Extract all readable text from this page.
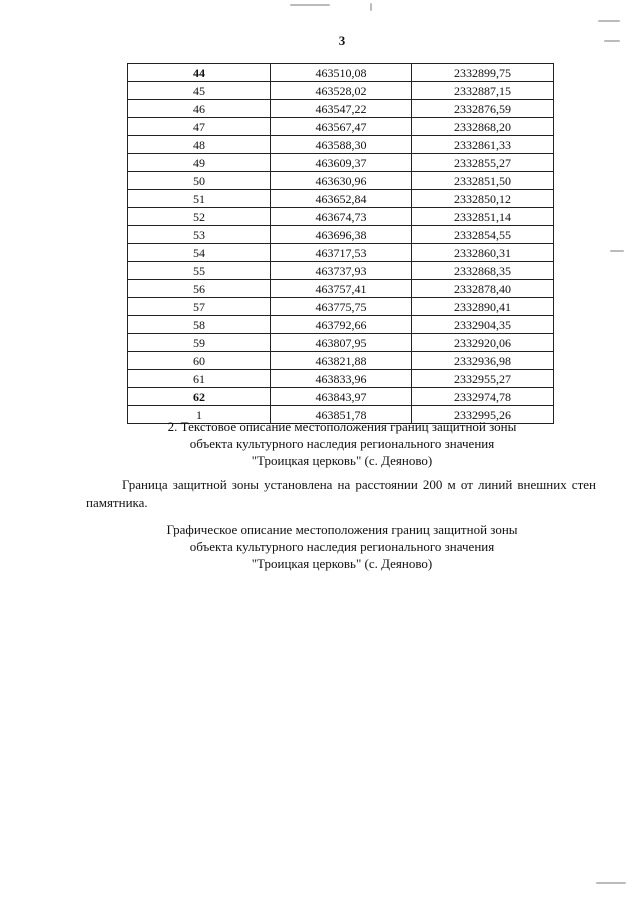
3
44	463510,08	2332899,75
45	463528,02	2332887,15
46	463547,22	2332876,59
47	463567,47	2332868,20
48	463588,30	2332861,33
49	463609,37	2332855,27
50	463630,96	2332851,50
51	463652,84	2332850,12
52	463674,73	2332851,14
53	463696,38	2332854,55
54	463717,53	2332860,31
55	463737,93	2332868,35
56	463757,41	2332878,40
57	463775,75	2332890,41
58	463792,66	2332904,35
59	463807,95	2332920,06
60	463821,88	2332936,98
61	463833,96	2332955,27
62	463843,97	2332974,78
1	463851,78	2332995,26
2. Текстовое описание местоположения границ защитной зоны
объекта культурного наследия регионального значения
"Троицкая церковь" (с. Деяново)
Граница защитной зоны установлена на расстоянии 200 м от линий внешних стен
памятника.
Графическое описание местоположения границ защитной зоны
объекта культурного наследия регионального значения
"Троицкая церковь" (с. Деяново)
